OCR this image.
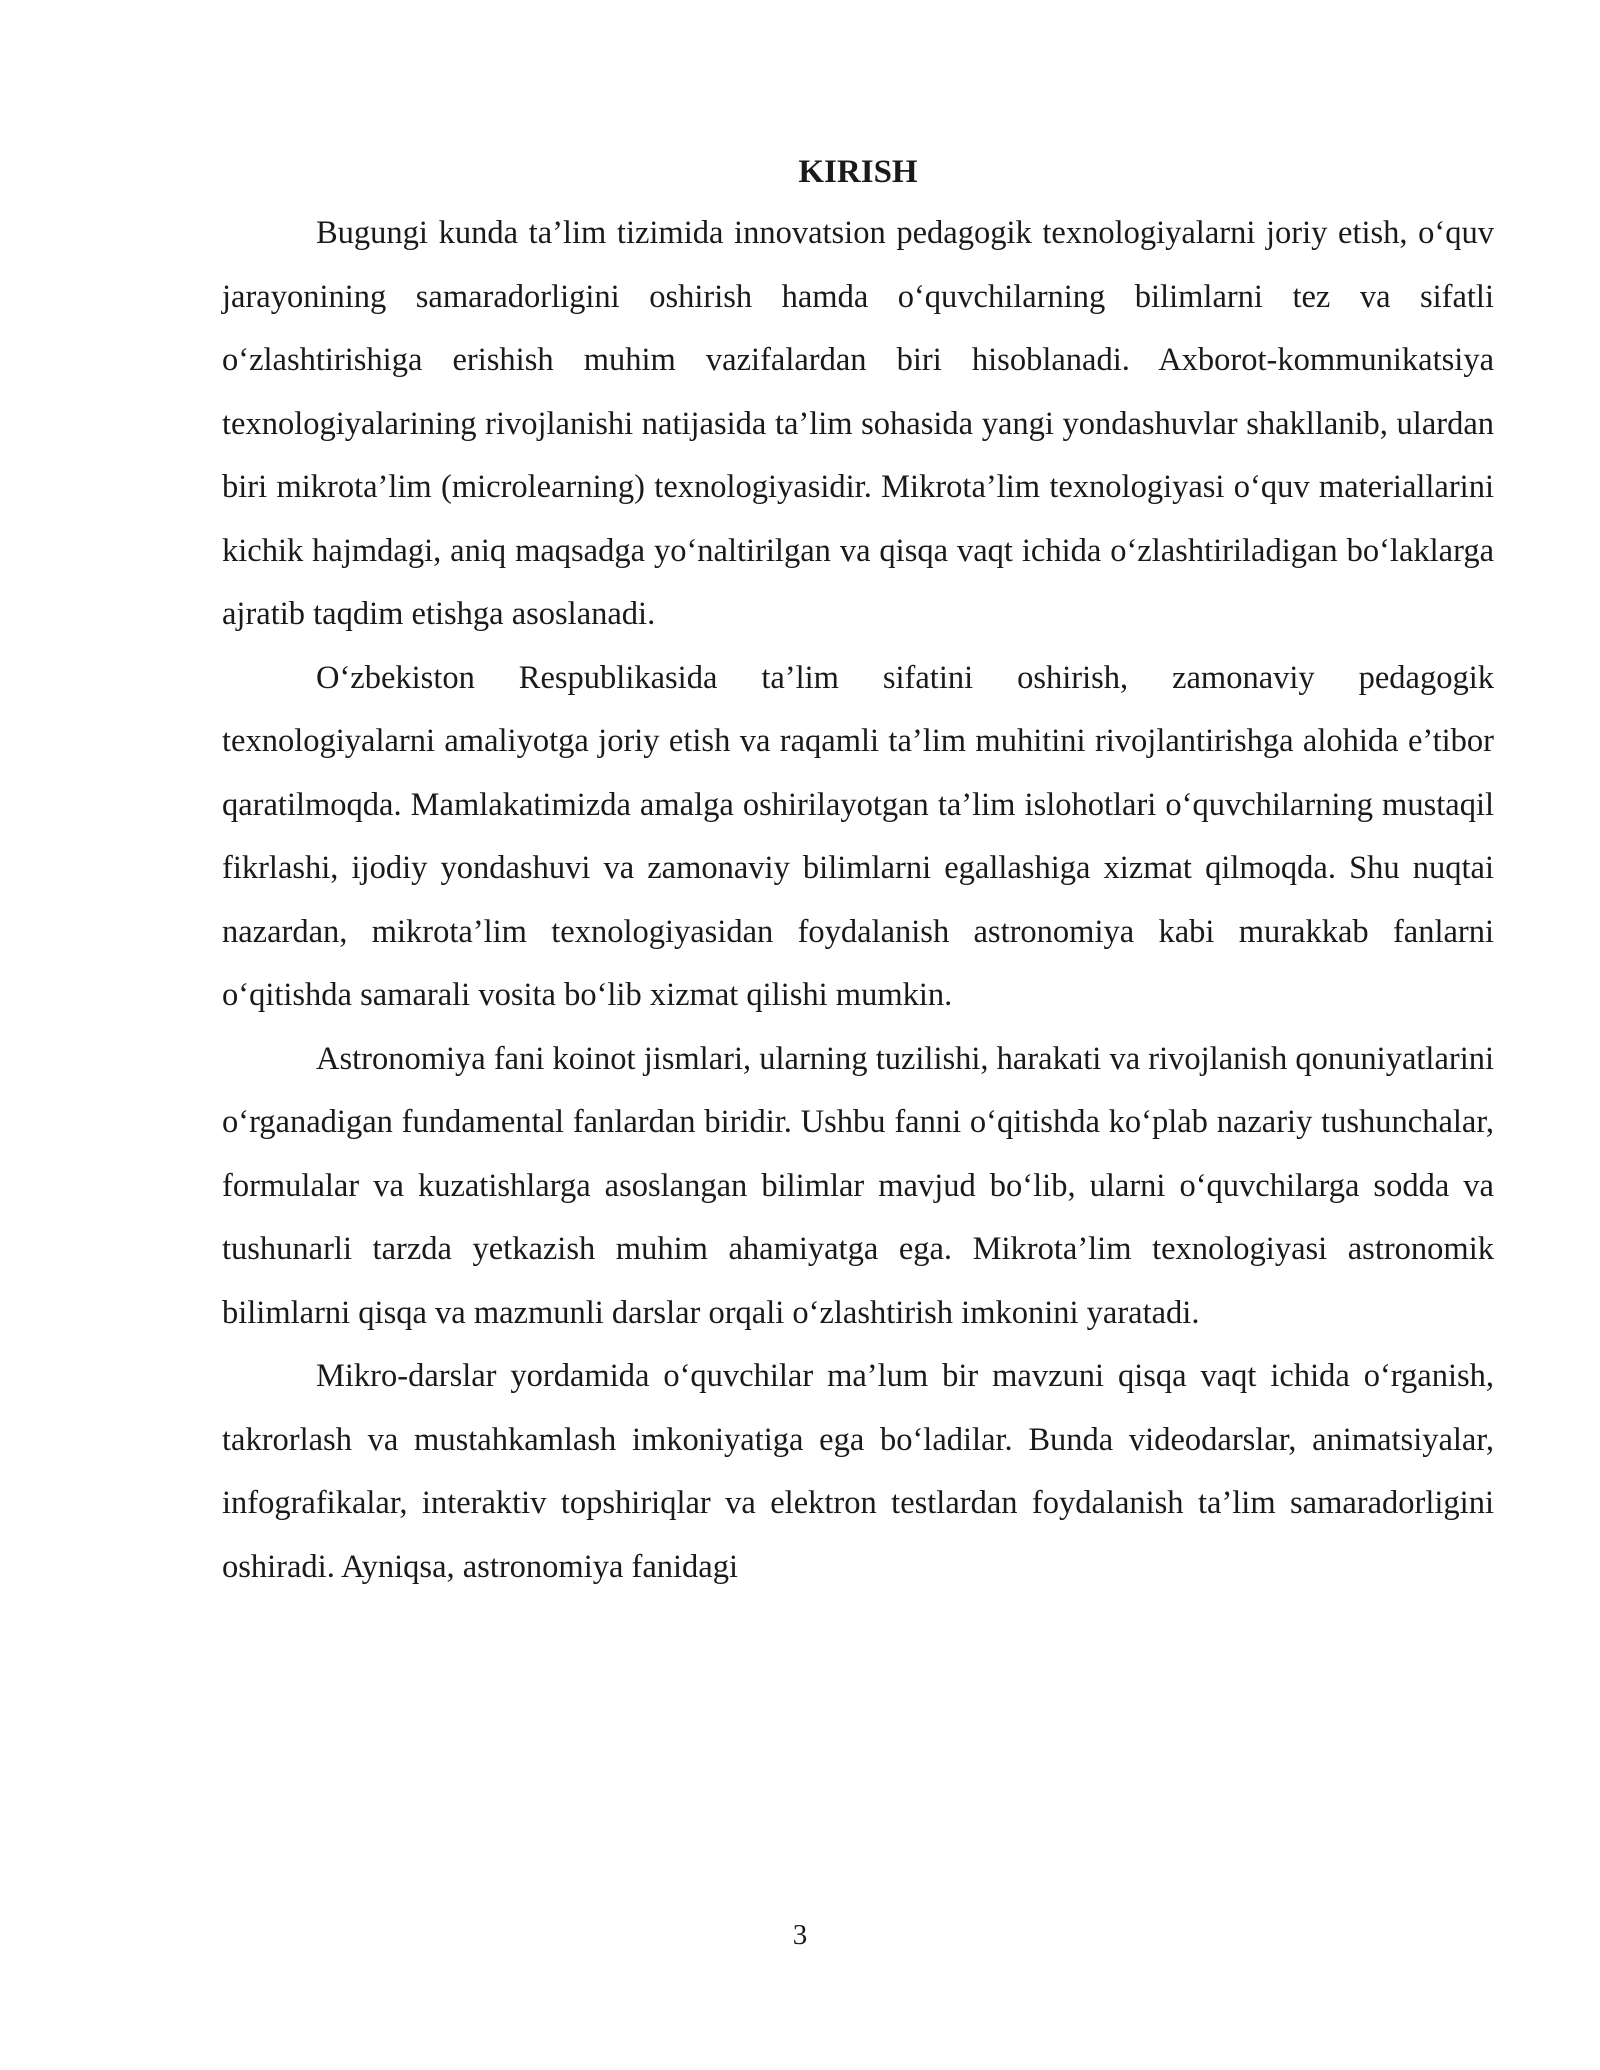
KIRISH

Bugungi kunda ta’lim tizimida innovatsion pedagogik texnologiyalarni joriy etish, o‘quv jarayonining samaradorligini oshirish hamda o‘quvchilarning bilimlarni tez va sifatli o‘zlashtirishiga erishish muhim vazifalardan biri hisoblanadi. Axborot-kommunikatsiya texnologiyalarining rivojlanishi natijasida ta’lim sohasida yangi yondashuvlar shakllanib, ulardan biri mikrota’lim (microlearning) texnologiyasidir. Mikrota’lim texnologiyasi o‘quv materiallarini kichik hajmdagi, aniq maqsadga yo‘naltirilgan va qisqa vaqt ichida o‘zlashtiriladigan bo‘laklarga ajratib taqdim etishga asoslanadi.

O‘zbekiston Respublikasida ta’lim sifatini oshirish, zamonaviy pedagogik texnologiyalarni amaliyotga joriy etish va raqamli ta’lim muhitini rivojlantirishga alohida e’tibor qaratilmoqda. Mamlakatimizda amalga oshirilayotgan ta’lim islohotlari o‘quvchilarning mustaqil fikrlashi, ijodiy yondashuvi va zamonaviy bilimlarni egallashiga xizmat qilmoqda. Shu nuqtai nazardan, mikrota’lim texnologiyasidan foydalanish astronomiya kabi murakkab fanlarni o‘qitishda samarali vosita bo‘lib xizmat qilishi mumkin.

Astronomiya fani koinot jismlari, ularning tuzilishi, harakati va rivojlanish qonuniyatlarini o‘rganadigan fundamental fanlardan biridir. Ushbu fanni o‘qitishda ko‘plab nazariy tushunchalar, formulalar va kuzatishlarga asoslangan bilimlar mavjud bo‘lib, ularni o‘quvchilarga sodda va tushunarli tarzda yetkazish muhim ahamiyatga ega. Mikrota’lim texnologiyasi astronomik bilimlarni qisqa va mazmunli darslar orqali o‘zlashtirish imkonini yaratadi.

Mikro-darslar yordamida o‘quvchilar ma’lum bir mavzuni qisqa vaqt ichida o‘rganish, takrorlash va mustahkamlash imkoniyatiga ega bo‘ladilar. Bunda videodarslar, animatsiyalar, infografikalar, interaktiv topshiriqlar va elektron testlardan foydalanish ta’lim samaradorligini oshiradi. Ayniqsa, astronomiya fanidagi

3
